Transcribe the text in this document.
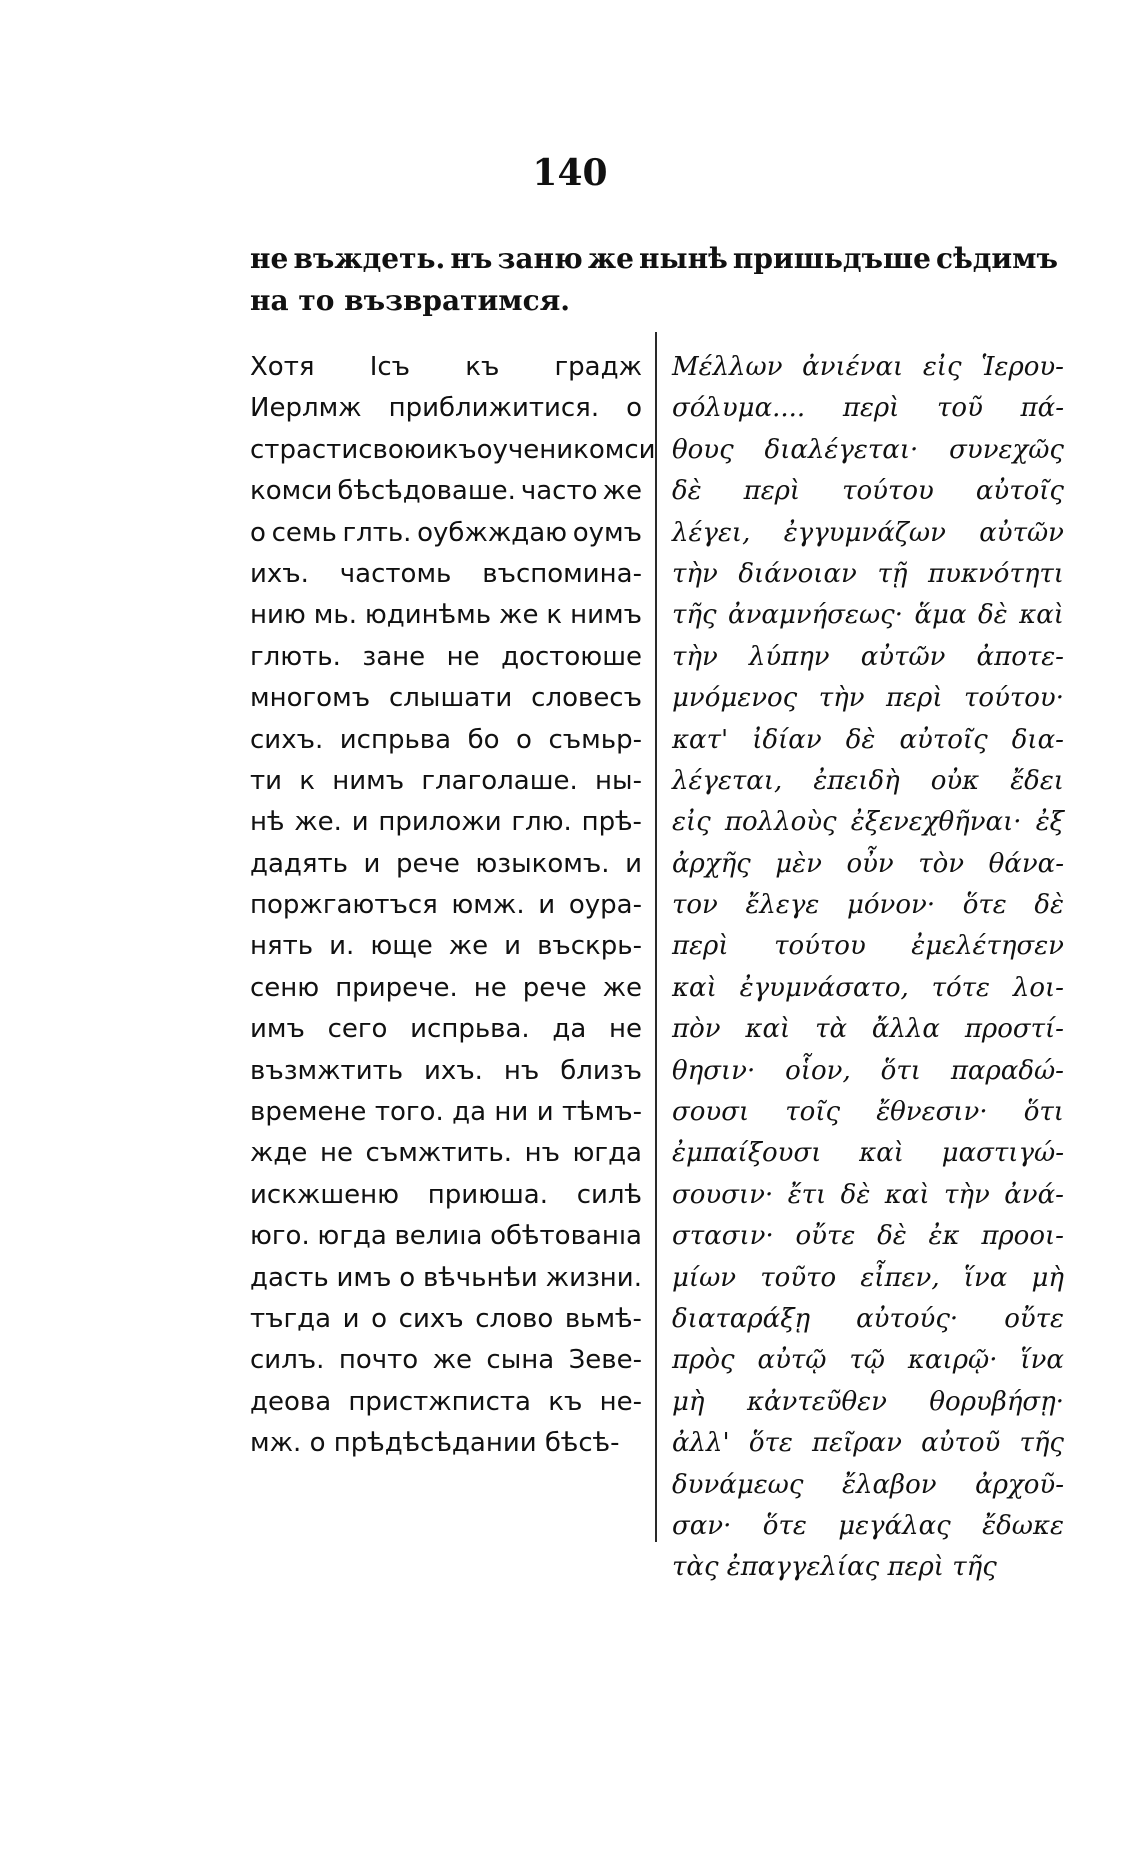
140
не въждеть. нъ заню же нынѣ пришьдъше сѣдимъ
на то възвратимся.
Хотя Ісъ къ градж
Иерлмж приближитися. о
страсти своюи къ оученикомси
комси бѣсѣдоваше. часто же
о семь глть. оубжждаю оумъ
ихъ. частомь въспомина-
нию мь. юдинѣмь же к нимъ
глють. зане не достоюше
многомъ слышати словесъ
сихъ. испрьва бо о съмьр-
ти к нимъ глаголаше. ны-
нѣ же. и приложи глю. прѣ-
дадять и рече юзыкомъ. и
поржгаютъся юмж. и оура-
нять и. юще же и въскрь-
сеню прирече. не рече же
имъ сего испрьва. да не
възмжтить ихъ. нъ близъ
времене того. да ни и тѣмъ-
жде не съмжтить. нъ югда
искжшеню приюша. силѣ
юго. югда велиıа обѣтованıа
дасть имъ о вѣчьнѣи жизни.
тъгда и о сихъ слово вьмѣ-
силъ. почто же сына Зеве-
деова пристжписта къ не-
мж. о прѣдѣсѣдании бѣсѣ-
Μέλλων ἀνιέναι εἰς Ἱερου-
σόλυμα.... περὶ τοῦ πά-
θους διαλέγεται· συνεχῶς
δὲ περὶ τούτου αὐτοῖς
λέγει, ἐγγυμνάζων αὐτῶν
τὴν διάνοιαν τῇ πυκνότητι
τῆς ἀναμνήσεως· ἅμα δὲ καὶ
τὴν λύπην αὐτῶν ἀποτε-
μνόμενος τὴν περὶ τούτου·
κατ' ἰδίαν δὲ αὐτοῖς δια-
λέγεται, ἐπειδὴ οὐκ ἔδει
εἰς πολλοὺς ἐξενεχθῆναι· ἐξ
ἀρχῆς μὲν οὖν τὸν θάνα-
τον ἔλεγε μόνον· ὅτε δὲ
περὶ τούτου ἐμελέτησεν
καὶ ἐγυμνάσατο, τότε λοι-
πὸν καὶ τὰ ἄλλα προστί-
θησιν· οἷον, ὅτι παραδώ-
σουσι τοῖς ἔθνεσιν· ὅτι
ἐμπαίξουσι καὶ μαστιγώ-
σουσιν· ἔτι δὲ καὶ τὴν ἀνά-
στασιν· οὔτε δὲ ἐκ προοι-
μίων τοῦτο εἶπεν, ἵνα μὴ
διαταράξῃ αὐτούς· οὔτε
πρὸς αὐτῷ τῷ καιρῷ· ἵνα
μὴ κἀντεῦθεν θορυβήσῃ·
ἀλλ' ὅτε πεῖραν αὐτοῦ τῆς
δυνάμεως ἔλαβον ἀρχοῦ-
σαν· ὅτε μεγάλας ἔδωκε
τὰς ἐπαγγελίας περὶ τῆς
